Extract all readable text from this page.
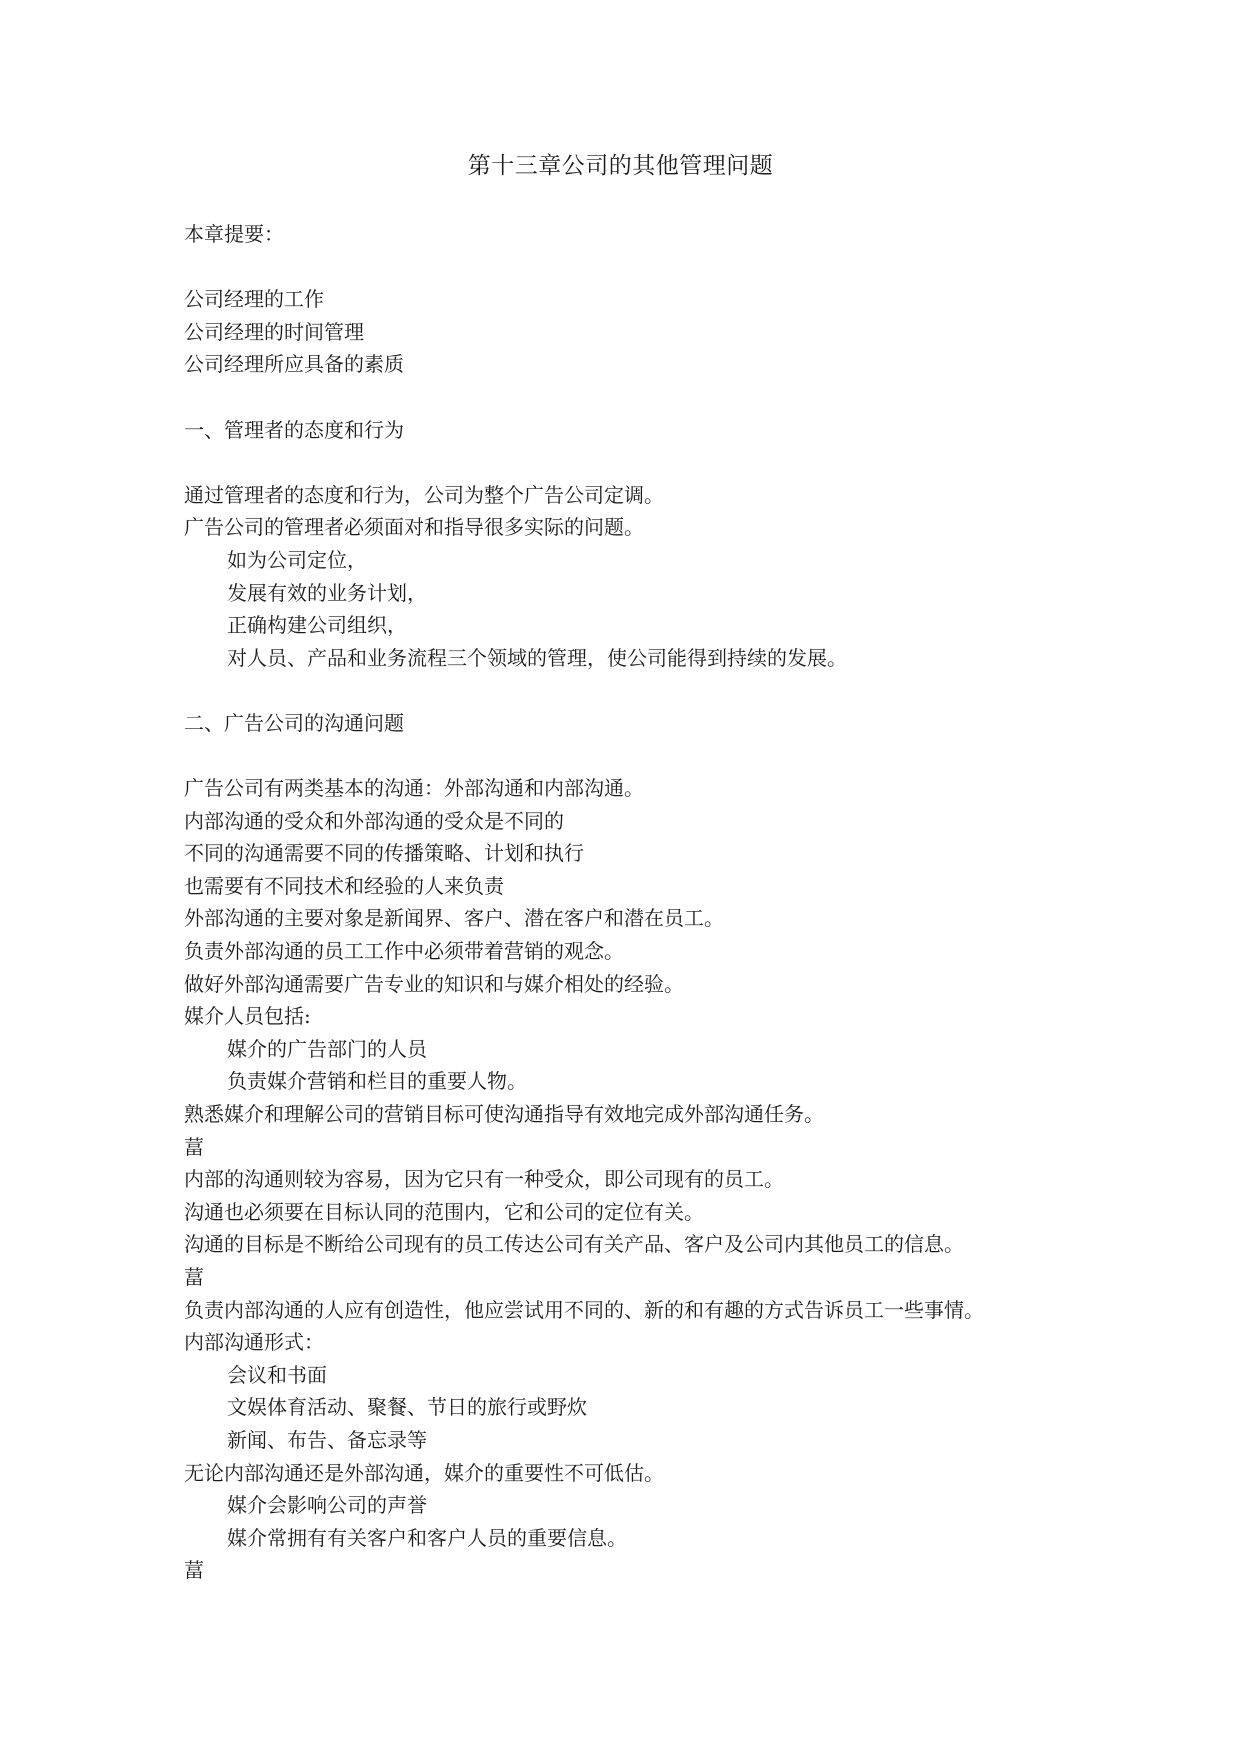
第十三章公司的其他管理问题
本章提要：
公司经理的工作
公司经理的时间管理
公司经理所应具备的素质
一、管理者的态度和行为
通过管理者的态度和行为，公司为整个广告公司定调。
广告公司的管理者必须面对和指导很多实际的问题。
如为公司定位，
发展有效的业务计划，
正确构建公司组织，
对人员、产品和业务流程三个领域的管理，使公司能得到持续的发展。
二、广告公司的沟通问题
广告公司有两类基本的沟通：外部沟通和内部沟通。
内部沟通的受众和外部沟通的受众是不同的
不同的沟通需要不同的传播策略、计划和执行
也需要有不同技术和经验的人来负责
外部沟通的主要对象是新闻界、客户、潜在客户和潜在员工。
负责外部沟通的员工工作中必须带着营销的观念。
做好外部沟通需要广告专业的知识和与媒介相处的经验。
媒介人员包括:
媒介的广告部门的人员
负责媒介营销和栏目的重要人物。
熟悉媒介和理解公司的营销目标可使沟通指导有效地完成外部沟通任务。
葍
内部的沟通则较为容易，因为它只有一种受众，即公司现有的员工。
沟通也必须要在目标认同的范围内，它和公司的定位有关。
沟通的目标是不断给公司现有的员工传达公司有关产品、客户及公司内其他员工的信息。
葍
负责内部沟通的人应有创造性，他应尝试用不同的、新的和有趣的方式告诉员工一些事情。
内部沟通形式：
会议和书面
文娱体育活动、聚餐、节日的旅行或野炊
新闻、布告、备忘录等
无论内部沟通还是外部沟通，媒介的重要性不可低估。
媒介会影响公司的声誉
媒介常拥有有关客户和客户人员的重要信息。
葍
